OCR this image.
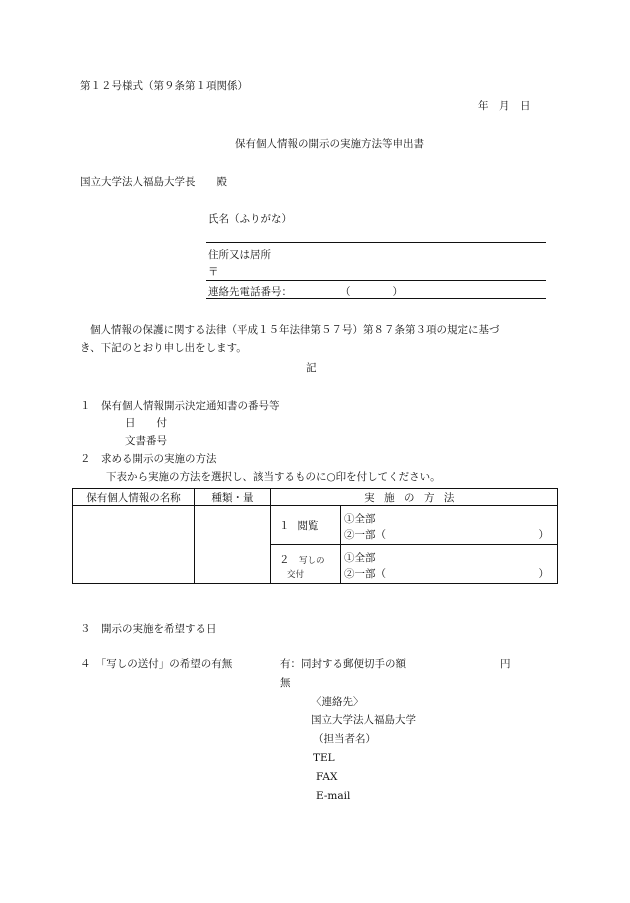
第１２号様式（第９条第１項関係）
年　月　日
保有個人情報の開示の実施方法等申出書
国立大学法人福島大学長　　殿
氏名（ふりがな）
住所又は居所
〒
連絡先電話番号：	（　　　　）
個人情報の保護に関する法律（平成１５年法律第５７号）第８７条第３項の規定に基づ
き、下記のとおり申し出をします。
記
１　保有個人情報開示決定通知書の番号等
日　　付
文書番号
２　求める開示の実施の方法
下表から実施の方法を選択し、該当するものに○印を付してください。
保有個人情報の名称	種類・量	実施の方法	
		１ 閲覧	①全部
②一部（ ）

		２ 写しの
交付	①全部
②一部（ ）
３　開示の実施を希望する日
４　「写しの送付」の希望の有無	有：同封する郵便切手の額	円
無
〈連絡先〉
国立大学法人福島大学
（担当者名）
TEL
FAX
E-mail
